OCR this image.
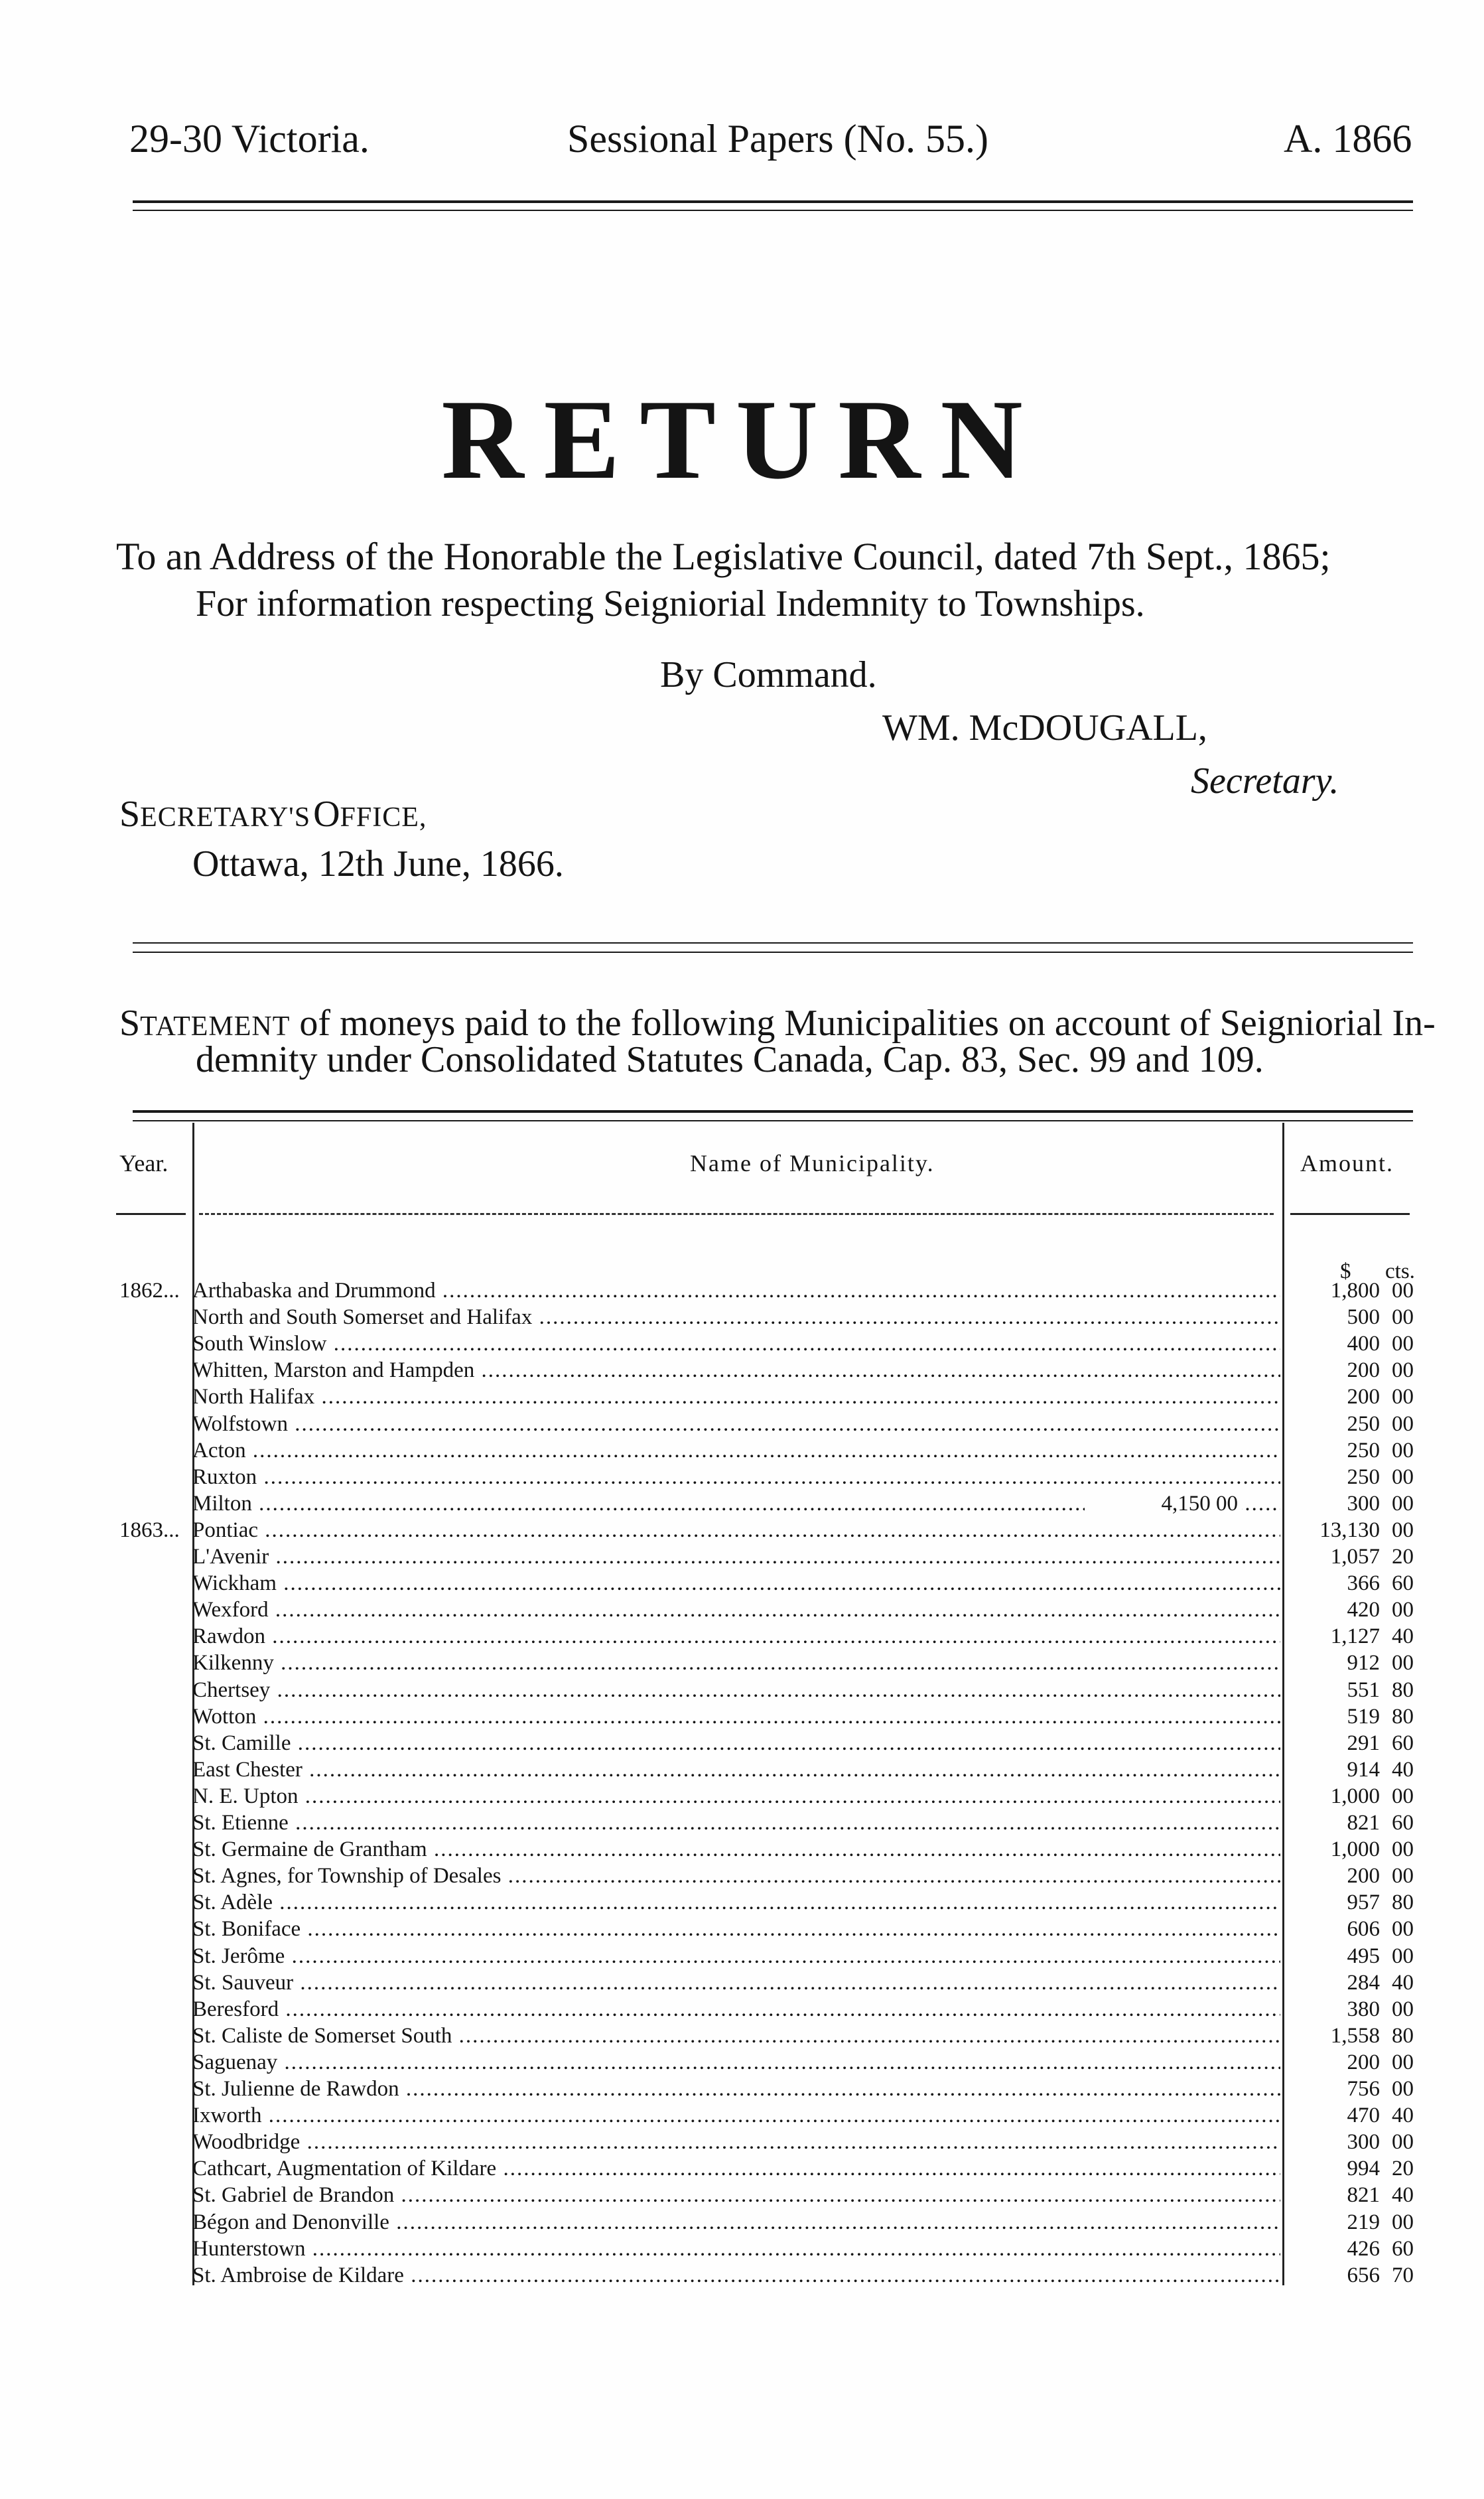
29-30 Victoria.	Sessional Papers (No. 55.)	A. 1866
RETURN
To an Address of the Honorable the Legislative Council, dated 7th Sept., 1865;
For information respecting Seigniorial Indemnity to Townships.
By Command.
WM. McDOUGALL,
Secretary.
SECRETARY'S OFFICE,
Ottawa, 12th June, 1866.
STATEMENT of moneys paid to the following Municipalities on account of Seigniorial In-
demnity under Consolidated Statutes Canada, Cap. 83, Sec. 99 and 109.
Year.	Name of Municipality.	Amount.
$ cts.
1862... Arthabaska and Drummond .....	1,800 00
North and South Somerset and Halifax .....	500 00
South Winslow .....	400 00
Whitten, Marston and Hampden .....	200 00
North Halifax .....	200 00
Wolfstown .....	250 00
Acton .....	250 00
Ruxton .....	250 00
Milton .....	4,150 00	300 00
1863... Pontiac .....	13,130 00
L'Avenir .....	1,057 20
Wickham .....	366 60
Wexford .....	420 00
Rawdon .....	1,127 40
Kilkenny .....	912 00
Chertsey .....	551 80
Wotton .....	519 80
St. Camille .....	291 60
East Chester .....	914 40
N. E. Upton .....	1,000 00
St. Etienne .....	821 60
St. Germaine de Grantham .....	1,000 00
St. Agnes, for Township of Desales .....	200 00
St. Adèle .....	957 80
St. Boniface .....	606 00
St. Jerôme .....	495 00
St. Sauveur .....	284 40
Beresford .....	380 00
St. Caliste de Somerset South .....	1,558 80
Saguenay .....	200 00
St. Julienne de Rawdon .....	756 00
Ixworth .....	470 40
Woodbridge .....	300 00
Cathcart, Augmentation of Kildare .....	994 20
St. Gabriel de Brandon .....	821 40
Bégon and Denonville .....	219 00
Hunterstown .....	426 60
St. Ambroise de Kildare .....	656 70
